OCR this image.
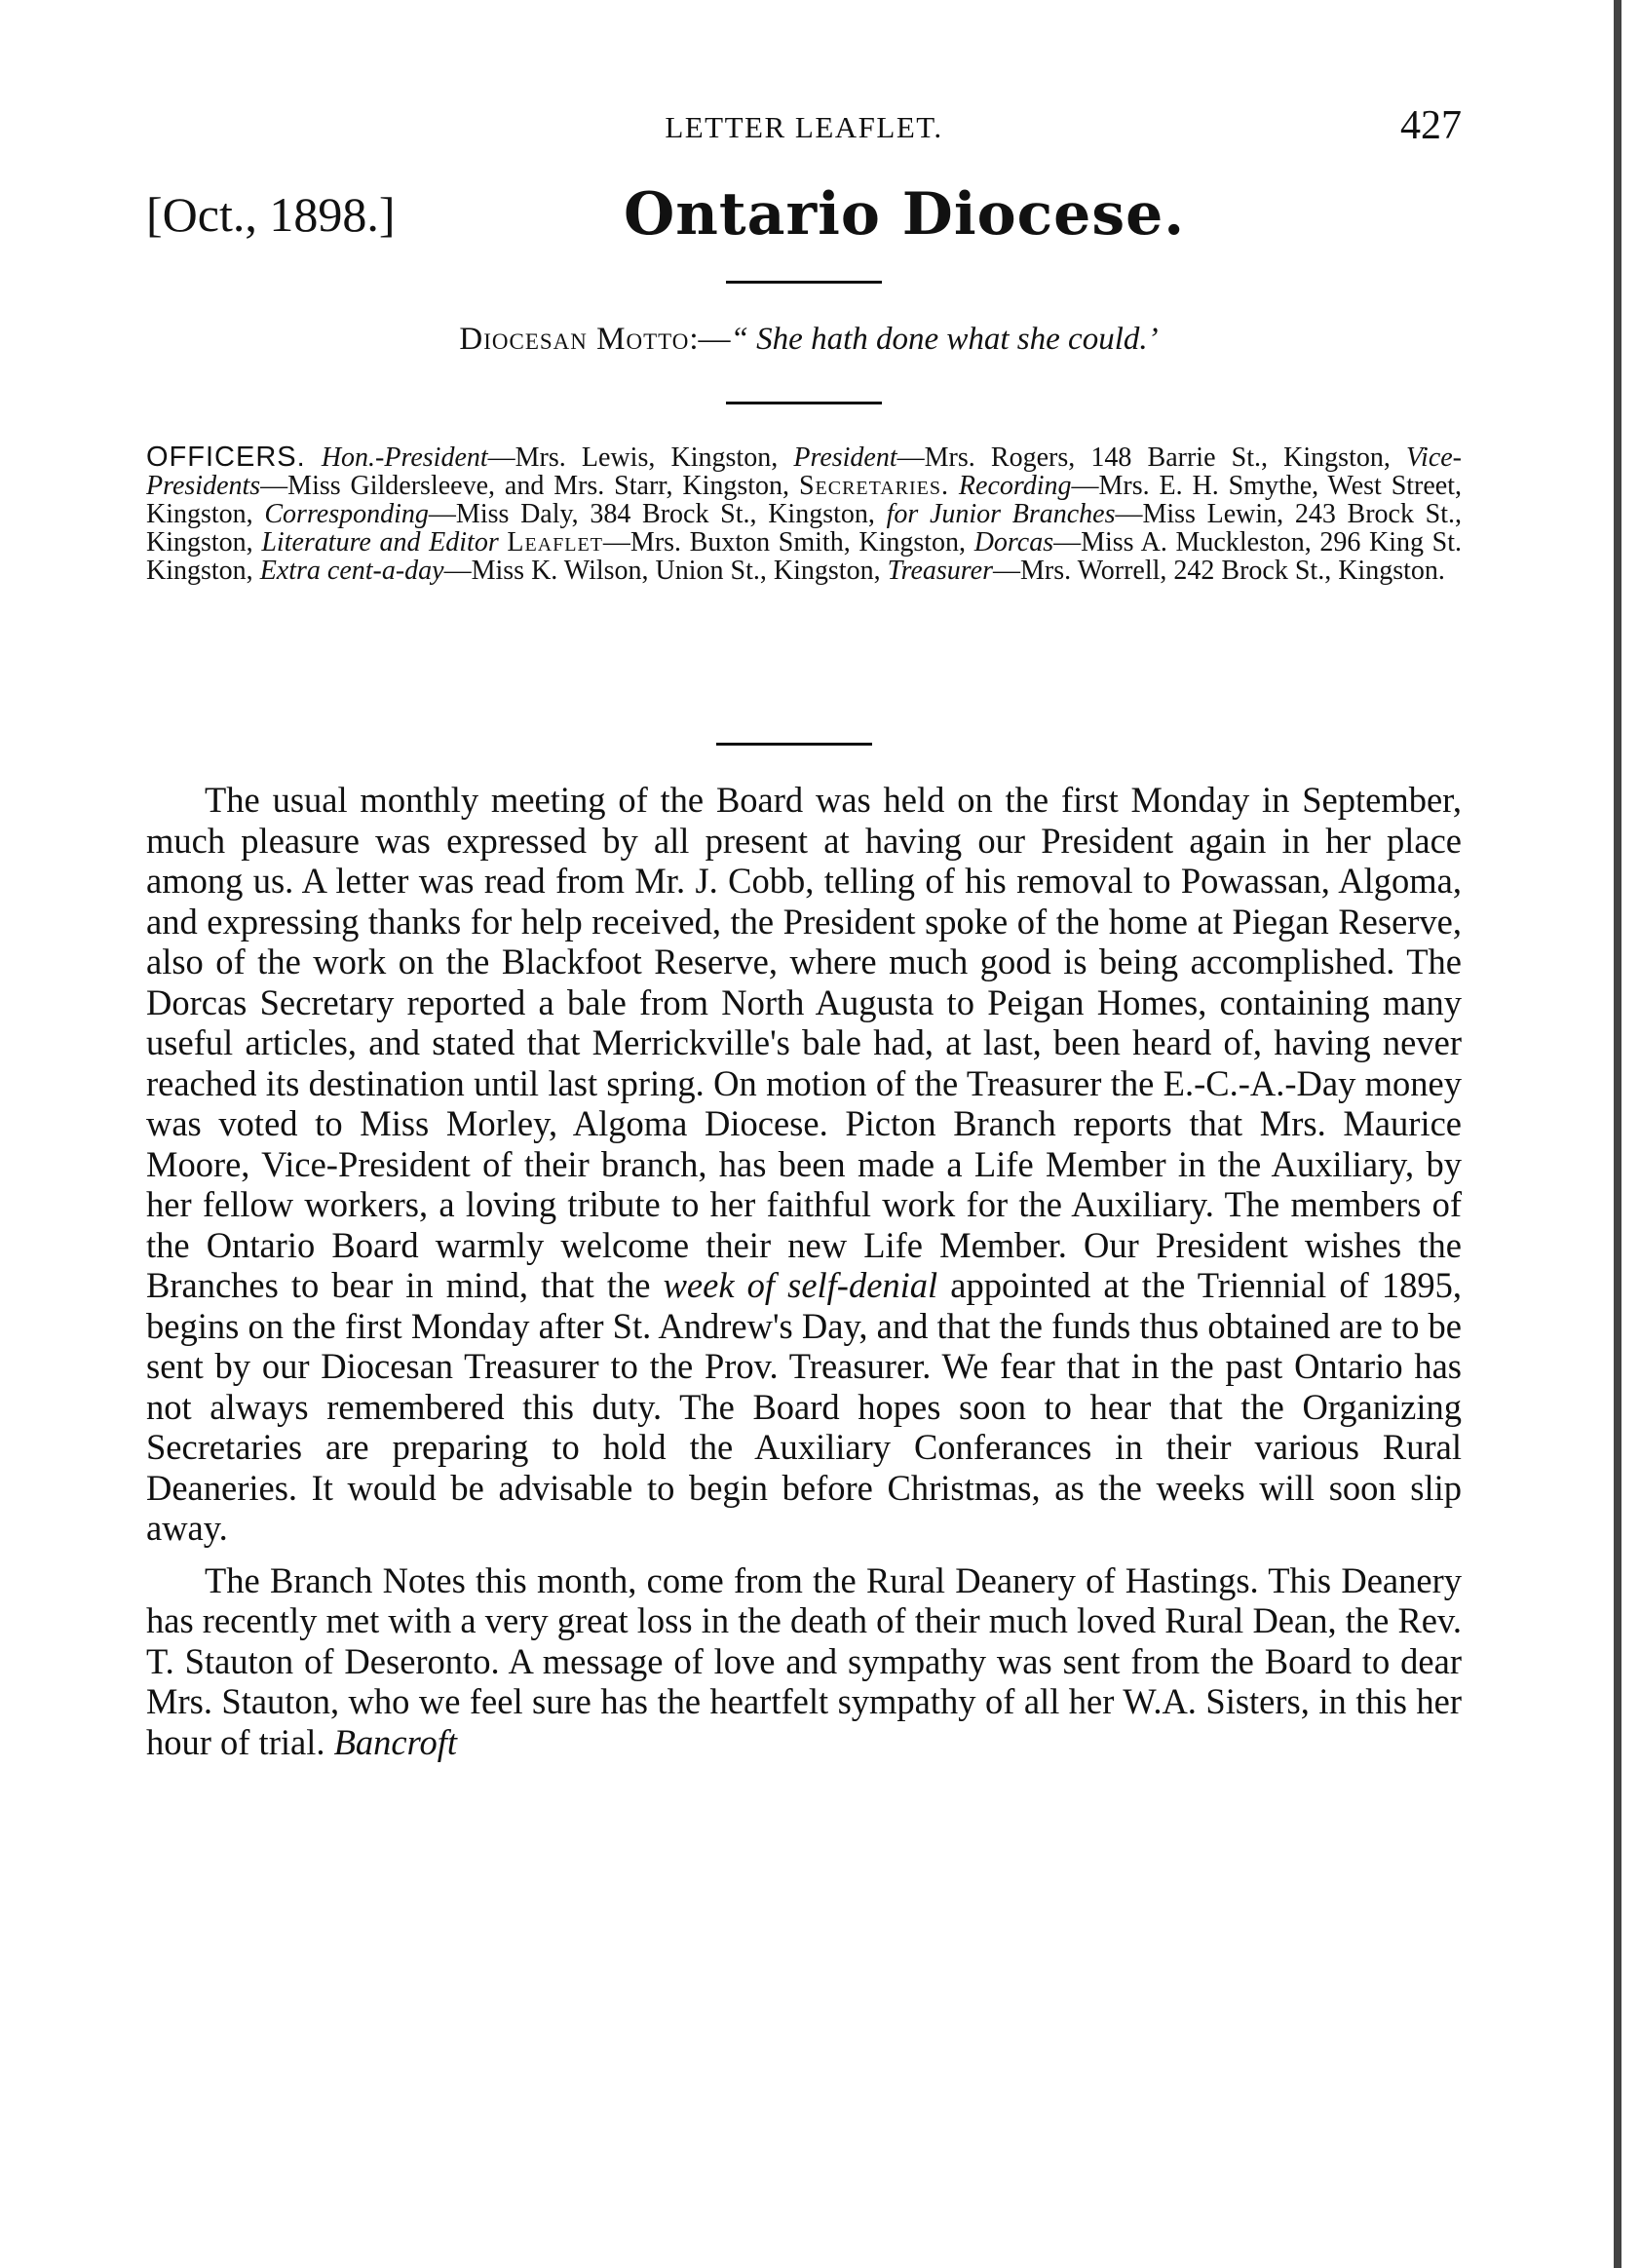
LETTER LEAFLET.	427
[Oct., 1898.]	Ontario Diocese.
Diocesan Motto:—“ She hath done what she could.’
OFFICERS. Hon.-President—Mrs. Lewis, Kingston, President—Mrs. Rogers, 148 Barrie St., Kingston, Vice-Presidents—Miss Gildersleeve, and Mrs. Starr, Kingston, Secretaries. Recording—Mrs. E. H. Smythe, West Street, Kingston, Corresponding—Miss Daly, 384 Brock St., Kingston, for Junior Branches—Miss Lewin, 243 Brock St., Kingston, Literature and Editor Leaflet—Mrs. Buxton Smith, Kingston, Dorcas—Miss A. Muckleston, 296 King St. Kingston, Extra cent-a-day—Miss K. Wilson, Union St., Kingston, Treasurer—Mrs. Worrell, 242 Brock St., Kingston.

The usual monthly meeting of the Board was held on the first Monday in September, much pleasure was expressed by all present at having our President again in her place among us. A letter was read from Mr. J. Cobb, telling of his removal to Powassan, Algoma, and expressing thanks for help received, the President spoke of the home at Piegan Reserve, also of the work on the Blackfoot Reserve, where much good is being accomplished. The Dorcas Secretary reported a bale from North Augusta to Peigan Homes, containing many useful articles, and stated that Merrickville's bale had, at last, been heard of, having never reached its destination until last spring. On motion of the Treasurer the E.-C.-A.-Day money was voted to Miss Morley, Algoma Diocese. Picton Branch reports that Mrs. Maurice Moore, Vice-President of their branch, has been made a Life Member in the Auxiliary, by her fellow workers, a loving tribute to her faithful work for the Auxiliary. The members of the Ontario Board warmly welcome their new Life Member. Our President wishes the Branches to bear in mind, that the week of self-denial appointed at the Triennial of 1895, begins on the first Monday after St. Andrew's Day, and that the funds thus obtained are to be sent by our Diocesan Treasurer to the Prov. Treasurer. We fear that in the past Ontario has not always remembered this duty. The Board hopes soon to hear that the Organizing Secretaries are preparing to hold the Auxiliary Conferances in their various Rural Deaneries. It would be advisable to begin before Christmas, as the weeks will soon slip away.

The Branch Notes this month, come from the Rural Deanery of Hastings. This Deanery has recently met with a very great loss in the death of their much loved Rural Dean, the Rev. T. Stauton of Deseronto. A message of love and sympathy was sent from the Board to dear Mrs. Stauton, who we feel sure has the heartfelt sympathy of all her W.A. Sisters, in this her hour of trial. Bancroft
